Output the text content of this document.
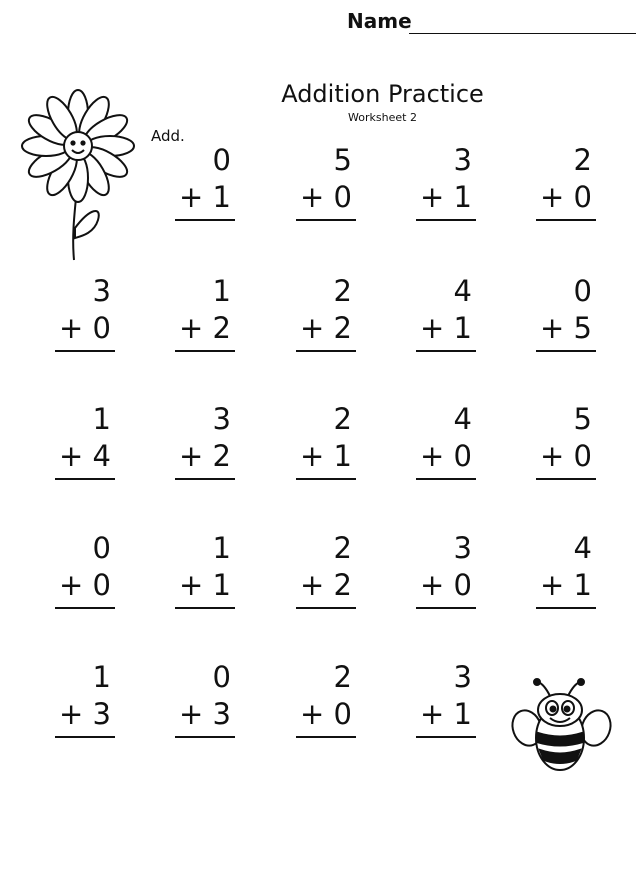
Name
Addition Practice
Worksheet 2
Add.
0
+ 1
5
+ 0
3
+ 1
2
+ 0
3
+ 0
1
+ 2
2
+ 2
4
+ 1
0
+ 5
1
+ 4
3
+ 2
2
+ 1
4
+ 0
5
+ 0
0
+ 0
1
+ 1
2
+ 2
3
+ 0
4
+ 1
1
+ 3
0
+ 3
2
+ 0
3
+ 1
